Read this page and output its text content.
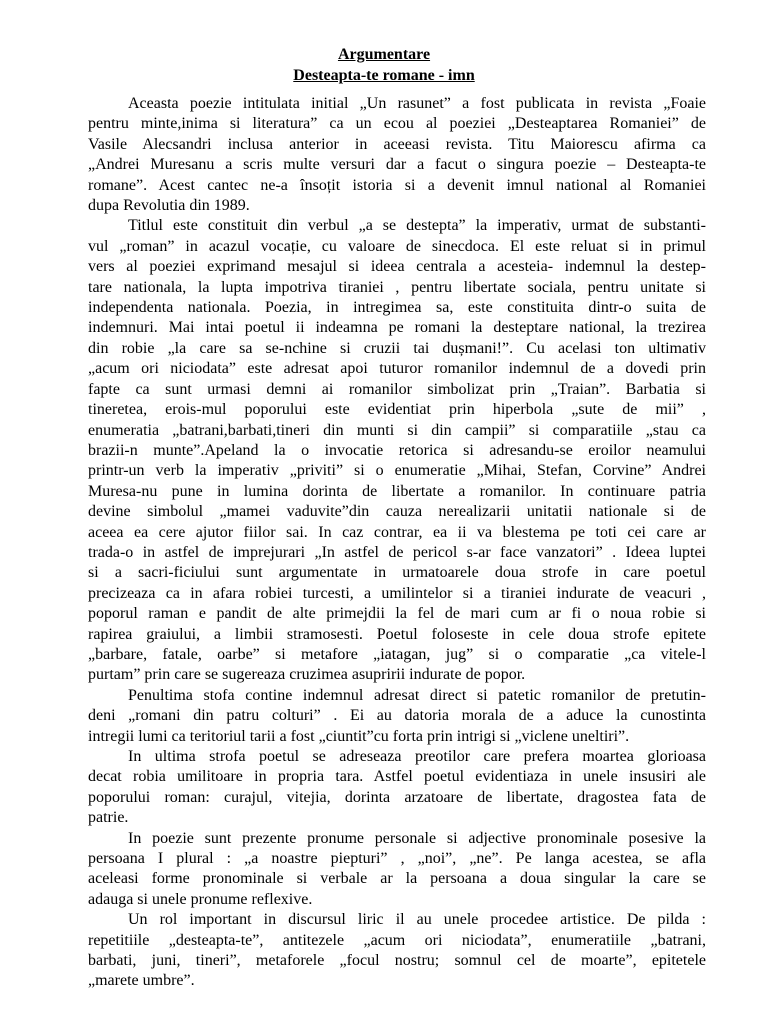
Argumentare

Desteapta-te romane - imn

Aceasta poezie intitulata initial „Un rasunet” a fost publicata in revista „Foaie
pentru minte,inima si literatura” ca un ecou al poeziei „Desteaptarea Romaniei” de
Vasile Alecsandri inclusa anterior in aceeasi revista. Titu Maiorescu afirma ca
„Andrei Muresanu a scris multe versuri dar a facut o singura poezie – Desteapta-te
romane”. Acest cantec ne-a însoțit istoria si a devenit imnul national al Romaniei
dupa Revolutia din 1989.
Titlul este constituit din verbul „a se destepta” la imperativ, urmat de substanti-
vul „roman” in acazul vocație, cu valoare de sinecdoca. El este reluat si in primul
vers al poeziei exprimand mesajul si ideea centrala a acesteia- indemnul la destep-
tare nationala, la lupta impotriva tiraniei , pentru libertate sociala, pentru unitate si
independenta nationala. Poezia, in intregimea sa, este constituita dintr-o suita de
indemnuri. Mai intai poetul ii indeamna pe romani la desteptare national, la trezirea
din robie „la care sa se-nchine si cruzii tai dușmani!”. Cu acelasi ton ultimativ
„acum ori niciodata” este adresat apoi tuturor romanilor indemnul de a dovedi prin
fapte ca sunt urmasi demni ai romanilor simbolizat prin „Traian”. Barbatia si
tineretea, erois-mul poporului este evidentiat prin hiperbola „sute de mii” ,
enumeratia „batrani,barbati,tineri din munti si din campii” si comparatiile „stau ca
brazii-n munte”.Apeland la o invocatie retorica si adresandu-se eroilor neamului
printr-un verb la imperativ „priviti” si o enumeratie „Mihai, Stefan, Corvine” Andrei
Muresa-nu pune in lumina dorinta de libertate a romanilor. In continuare patria
devine simbolul „mamei vaduvite”din cauza nerealizarii unitatii nationale si de
aceea ea cere ajutor fiilor sai. In caz contrar, ea ii va blestema pe toti cei care ar
trada-o in astfel de imprejurari „In astfel de pericol s-ar face vanzatori” . Ideea luptei
si a sacri-ficiului sunt argumentate in urmatoarele doua strofe in care poetul
precizeaza ca in afara robiei turcesti, a umilintelor si a tiraniei indurate de veacuri ,
poporul raman e pandit de alte primejdii la fel de mari cum ar fi o noua robie si
rapirea graiului, a limbii stramosesti. Poetul foloseste in cele doua strofe epitete
„barbare, fatale, oarbe” si metafore „iatagan, jug” si o comparatie „ca vitele-l
purtam” prin care se sugereaza cruzimea asupririi indurate de popor.
Penultima stofa contine indemnul adresat direct si patetic romanilor de pretutin-
deni „romani din patru colturi” . Ei au datoria morala de a aduce la cunostinta
intregii lumi ca teritoriul tarii a fost „ciuntit”cu forta prin intrigi si „viclene uneltiri”.
In ultima strofa poetul se adreseaza preotilor care prefera moartea glorioasa
decat robia umilitoare in propria tara. Astfel poetul evidentiaza in unele insusiri ale
poporului roman: curajul, vitejia, dorinta arzatoare de libertate, dragostea fata de
patrie.
In poezie sunt prezente pronume personale si adjective pronominale posesive la
persoana I plural : „a noastre piepturi” , „noi”, „ne”. Pe langa acestea, se afla
aceleasi forme pronominale si verbale ar la persoana a doua singular la care se
adauga si unele pronume reflexive.
Un rol important in discursul liric il au unele procedee artistice. De pilda :
repetitiile „desteapta-te”, antitezele „acum ori niciodata”, enumeratiile „batrani,
barbati, juni, tineri”, metaforele „focul nostru; somnul cel de moarte”, epitetele
„marete umbre”.
